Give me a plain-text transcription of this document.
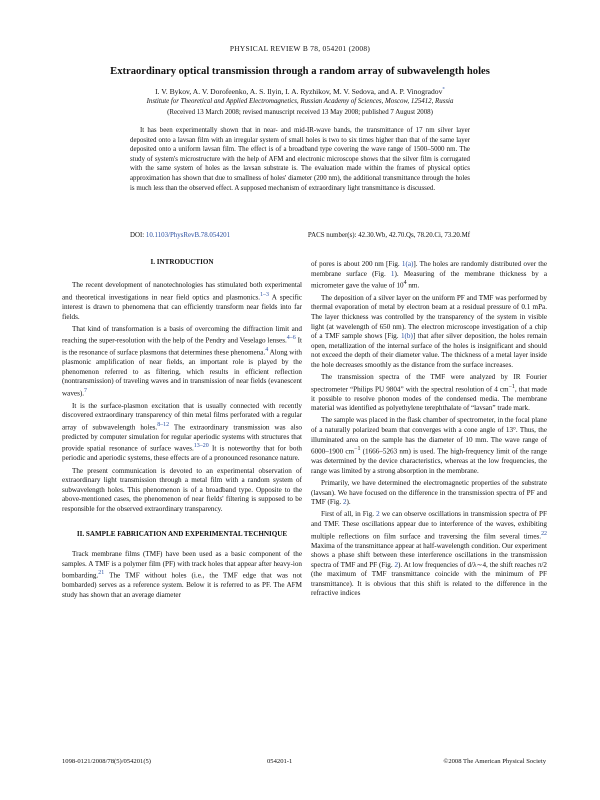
PHYSICAL REVIEW B 78, 054201 (2008)
Extraordinary optical transmission through a random array of subwavelength holes
I. V. Bykov, A. V. Dorofeenko, A. S. Ilyin, I. A. Ryzhikov, M. V. Sedova, and A. P. Vinogradov*
Institute for Theoretical and Applied Electromagnetics, Russian Academy of Sciences, Moscow, 125412, Russia
(Received 13 March 2008; revised manuscript received 13 May 2008; published 7 August 2008)

It has been experimentally shown that in near- and mid-IR-wave bands, the transmittance of 17 nm silver layer deposited onto a lavsan film with an irregular system of small holes is two to six times higher than that of the same layer deposited onto a uniform lavsan film. The effect is of a broadband type covering the wave range of 1500–5000 nm. The study of system's microstructure with the help of AFM and electronic microscope shows that the silver film is corrugated with the same system of holes as the lavsan substrate is. The evaluation made within the frames of physical optics approximation has shown that due to smallness of holes' diameter (200 nm), the additional transmittance through the holes is much less than the observed effect. A supposed mechanism of extraordinary light transmittance is discussed.

DOI: 10.1103/PhysRevB.78.054201	PACS number(s): 42.30.Wb, 42.70.Qs, 78.20.Ci, 73.20.Mf
I. INTRODUCTION

The recent development of nanotechnologies has stimulated both experimental and theoretical investigations in near field optics and plasmonics.$^{1-3}$ A specific interest is drawn to phenomena that can efficiently transform near fields into far fields.

That kind of transformation is a basis of overcoming the diffraction limit and reaching the super-resolution with the help of the Pendry and Veselago lenses.$^{4-6}$ It is the resonance of surface plasmons that determines these phenomena.$^4$ Along with plasmonic amplification of near fields, an important role is played by the phenomenon referred to as filtering, which results in efficient reflection (nontransmission) of traveling waves and in transmission of near fields (evanescent waves).$^7$

It is the surface-plasmon excitation that is usually connected with recently discovered extraordinary transparency of thin metal films perforated with a regular array of subwavelength holes.$^{8-12}$ The extraordinary transmission was also predicted by computer simulation for regular aperiodic systems with structures that provide spatial resonance of surface waves.$^{13-20}$ It is noteworthy that for both periodic and aperiodic systems, these effects are of a pronounced resonance nature.

The present communication is devoted to an experimental observation of extraordinary light transmission through a metal film with a random system of subwavelength holes. This phenomenon is of a broadband type. Opposite to the above-mentioned cases, the phenomenon of near fields' filtering is supposed to be responsible for the observed extraordinary transparency.

II. SAMPLE FABRICATION AND EXPERIMENTAL TECHNIQUE

Track membrane films (TMF) have been used as a basic component of the samples. A TMF is a polymer film (PF) with track holes that appear after heavy-ion bombarding.$^{21}$ The TMF without holes (i.e., the TMF edge that was not bombarded) serves as a reference system. Below it is referred to as PF. The AFM study has shown that an average diameter

of pores is about 200 nm [Fig. 1(a)]. The holes are randomly distributed over the membrane surface (Fig. 1). Measuring of the membrane thickness by a micrometer gave the value of $10^4$ nm.

The deposition of a silver layer on the uniform PF and TMF was performed by thermal evaporation of metal by electron beam at a residual pressure of 0.1 mPa. The layer thickness was controlled by the transparency of the system in visible light (at wavelength of 650 nm). The electron microscope investigation of a chip of a TMF sample shows [Fig. 1(b)] that after silver deposition, the holes remain open, metallization of the internal surface of the holes is insignificant and should not exceed the depth of their diameter value. The thickness of a metal layer inside the hole decreases smoothly as the distance from the surface increases.

The transmission spectra of the TMF were analyzed by IR Fourier spectrometer “Philips PU 9804” with the spectral resolution of 4 $cm^{-1}$, that made it possible to resolve phonon modes of the condensed media. The membrane material was identified as polyethylene terephthalate of “lavsan” trade mark.

The sample was placed in the flask chamber of spectrometer, in the focal plane of a naturally polarized beam that converges with a cone angle of 13°. Thus, the illuminated area on the sample has the diameter of 10 mm. The wave range of 6000–1900 $cm^{-1}$ (1666–5263 nm) is used. The high-frequency limit of the range was determined by the device characteristics, whereas at the low frequencies, the range was limited by a strong absorption in the membrane.

Primarily, we have determined the electromagnetic properties of the substrate (lavsan). We have focused on the difference in the transmission spectra of PF and TMF (Fig. 2).

First of all, in Fig. 2 we can observe oscillations in transmission spectra of PF and TMF. These oscillations appear due to interference of the waves, exhibiting multiple reflections on film surface and traversing the film several times.$^{22}$ Maxima of the transmittance appear at half-wavelength condition. Our experiment shows a phase shift between these interference oscillations in the transmission spectra of TMF and PF (Fig. 2). At low frequencies of d/λ∼4, the shift reaches π/2 (the maximum of TMF transmittance coincide with the minimum of PF transmittance). It is obvious that this shift is related to the difference in the refractive indices

1098-0121/2008/78(5)/054201(5)	054201-1	©2008 The American Physical Society
